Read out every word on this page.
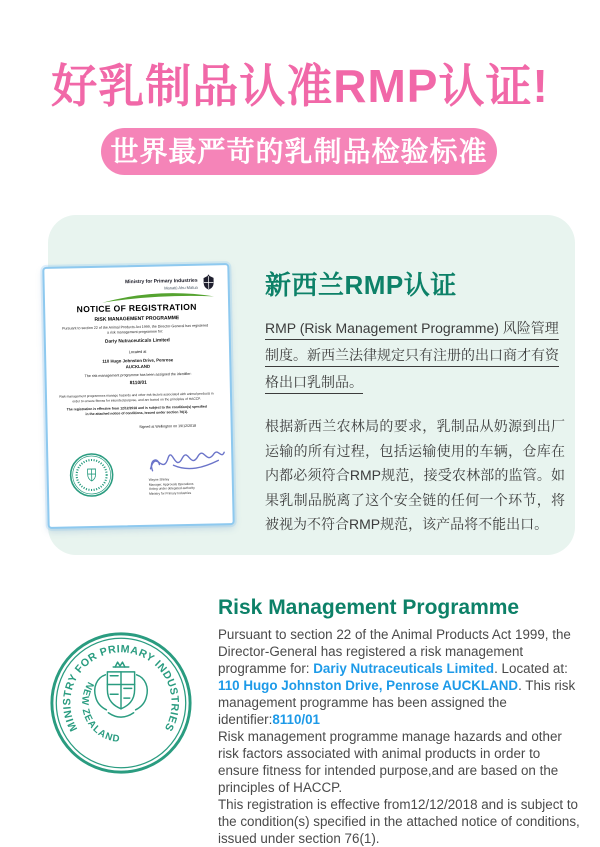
好乳制品认准RMP认证!
世界最严苛的乳制品检验标准
Ministry for Primary Industries
Manatū Ahu Matua
NOTICE OF REGISTRATION
RISK MANAGEMENT PROGRAMME
Pursuant to section 22 of the Animal Products Act 1999, the Director-General has registered a risk management programme for:
Dariy Nutraceuticals Limited
Located at
110 Hugo Johnston Drive, Penrose
AUCKLAND
The risk management programme has been assigned the identifier:
8110/01
Risk management programmes manage hazards and other risk factors associated with animal products in order to ensure fitness for intended purpose, and are based on the principles of HACCP.
The registration is effective from 12/12/2018 and is subject to the condition(s) specified in the attached notice of conditions, issued under section 76(1).
Signed at Wellington on 19/12/2018
Wayne Shirley
Manager, Approvals Operations
Acting under delegated authority
Ministry for Primary Industries
新西兰RMP认证

RMP (Risk Management Programme) 风险管理制度。新西兰法律规定只有注册的出口商才有资格出口乳制品。

根据新西兰农林局的要求，乳制品从奶源到出厂运输的所有过程，包括运输使用的车辆，仓库在内都必须符合RMP规范，接受农林部的监管。如果乳制品脱离了这个安全链的任何一个环节，将被视为不符合RMP规范，该产品将不能出口。

MINISTRY FOR PRIMARY INDUSTRIES
NEW ZEALAND
Risk Management Programme

Pursuant to section 22 of the Animal Products Act 1999, the Director-General has registered a risk management programme for: Dariy Nutraceuticals Limited. Located at: 110 Hugo Johnston Drive, Penrose AUCKLAND. This risk management programme has been assigned the identifier:8110/01
Risk management programme manage hazards and other risk factors associated with animal products in order to ensure fitness for intended purpose,and are based on the principles of HACCP.
This registration is effective from12/12/2018 and is subject to the condition(s) specified in the attached notice of conditions, issued under section 76(1).
